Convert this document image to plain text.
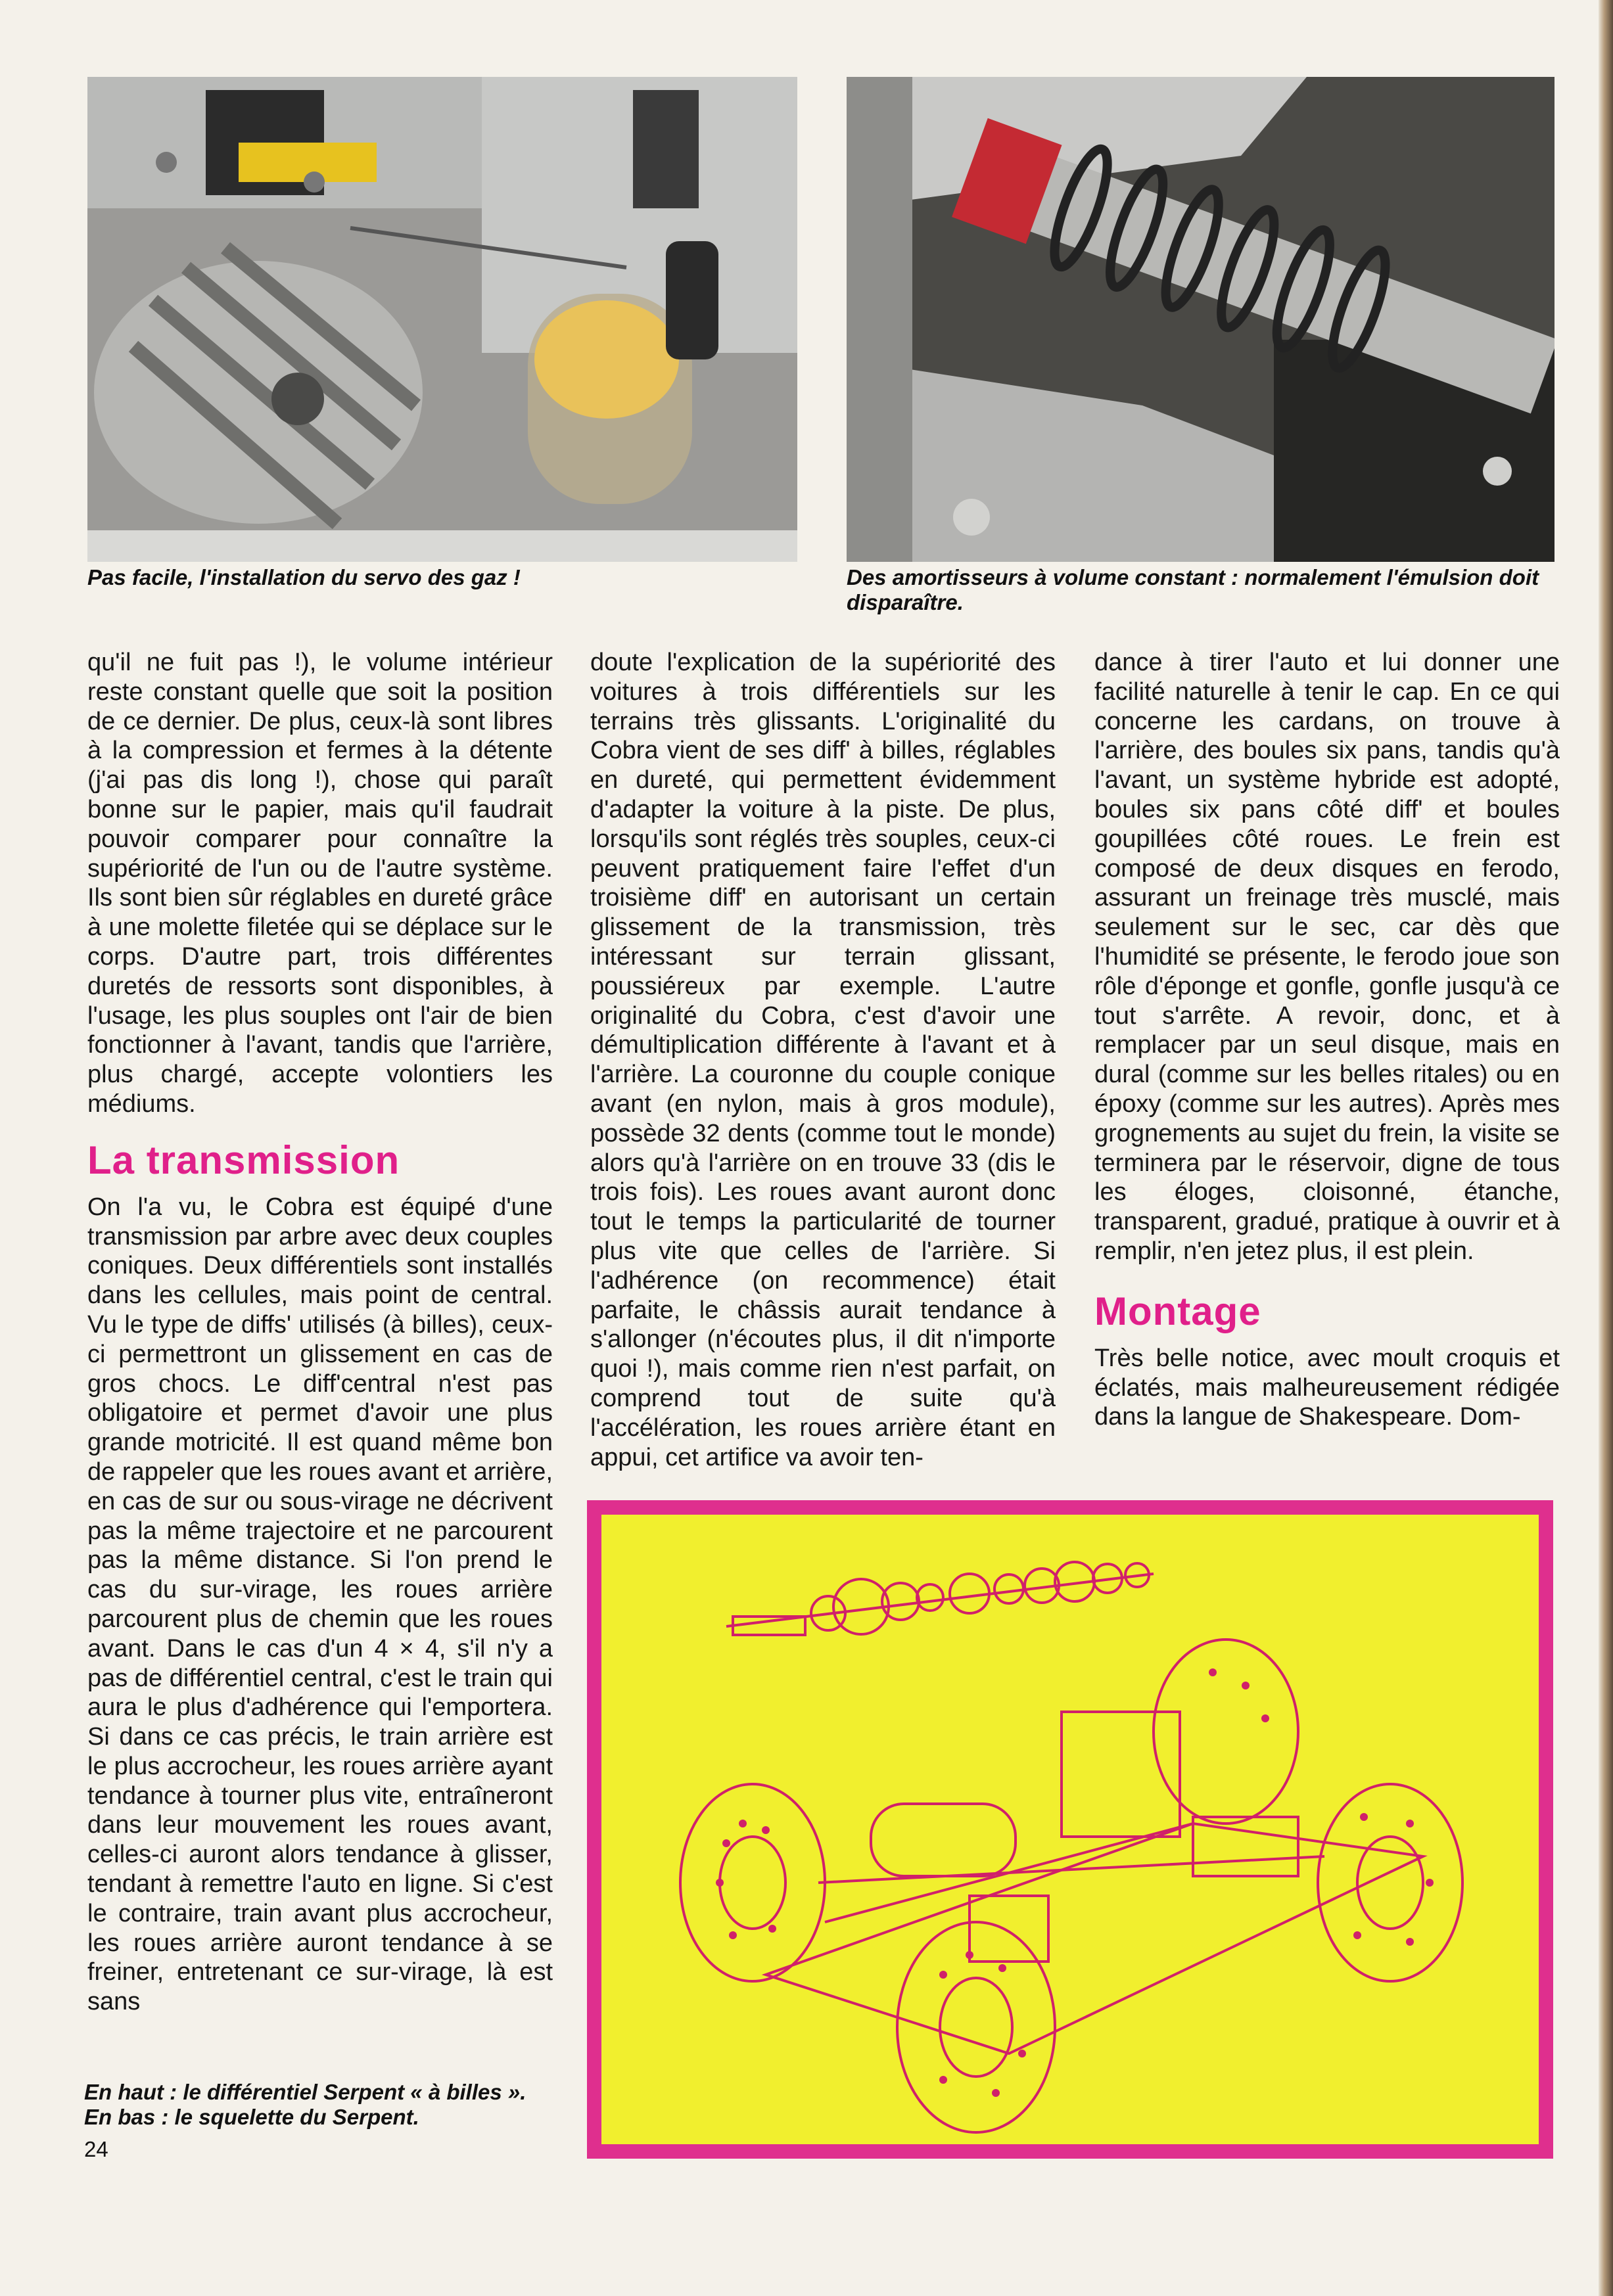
Pas facile, l'installation du servo des gaz !	Des amortisseurs à volume constant : normalement l'émulsion doit disparaître.

qu'il ne fuit pas !), le volume intérieur reste constant quelle que soit la position de ce dernier. De plus, ceux-là sont libres à la compression et fermes à la détente (j'ai pas dis long !), chose qui paraît bonne sur le papier, mais qu'il faudrait pouvoir comparer pour connaître la supériorité de l'un ou de l'autre système. Ils sont bien sûr réglables en dureté grâce à une molette filetée qui se déplace sur le corps. D'autre part, trois différentes duretés de ressorts sont disponibles, à l'usage, les plus souples ont l'air de bien fonctionner à l'avant, tandis que l'arrière, plus chargé, accepte volontiers les médiums.

La transmission

On l'a vu, le Cobra est équipé d'une transmission par arbre avec deux couples coniques. Deux différentiels sont installés dans les cellules, mais point de central. Vu le type de diffs' utilisés (à billes), ceux-ci permettront un glissement en cas de gros chocs. Le diff'central n'est pas obligatoire et permet d'avoir une plus grande motricité. Il est quand même bon de rappeler que les roues avant et arrière, en cas de sur ou sous-virage ne décrivent pas la même trajectoire et ne parcourent pas la même distance. Si l'on prend le cas du sur-virage, les roues arrière parcourent plus de chemin que les roues avant. Dans le cas d'un 4 × 4, s'il n'y a pas de différentiel central, c'est le train qui aura le plus d'adhérence qui l'emportera. Si dans ce cas précis, le train arrière est le plus accrocheur, les roues arrière ayant tendance à tourner plus vite, entraîneront dans leur mouvement les roues avant, celles-ci auront alors tendance à glisser, tendant à remettre l'auto en ligne. Si c'est le contraire, train avant plus accrocheur, les roues arrière auront tendance à se freiner, entretenant ce sur-virage, là est sans

doute l'explication de la supériorité des voitures à trois différentiels sur les terrains très glissants. L'originalité du Cobra vient de ses diff' à billes, réglables en dureté, qui permettent évidemment d'adapter la voiture à la piste. De plus, lorsqu'ils sont réglés très souples, ceux-ci peuvent pratiquement faire l'effet d'un troisième diff' en autorisant un certain glissement de la transmission, très intéressant sur terrain glissant, poussiéreux par exemple. L'autre originalité du Cobra, c'est d'avoir une démultiplication différente à l'avant et à l'arrière. La couronne du couple conique avant (en nylon, mais à gros module), possède 32 dents (comme tout le monde) alors qu'à l'arrière on en trouve 33 (dis le trois fois). Les roues avant auront donc tout le temps la particularité de tourner plus vite que celles de l'arrière. Si l'adhérence (on recommence) était parfaite, le châssis aurait tendance à s'allonger (n'écoutes plus, il dit n'importe quoi !), mais comme rien n'est parfait, on comprend tout de suite qu'à l'accélération, les roues arrière étant en appui, cet artifice va avoir ten-

dance à tirer l'auto et lui donner une facilité naturelle à tenir le cap. En ce qui concerne les cardans, on trouve à l'arrière, des boules six pans, tandis qu'à l'avant, un système hybride est adopté, boules six pans côté diff' et boules goupillées côté roues. Le frein est composé de deux disques en ferodo, assurant un freinage très musclé, mais seulement sur le sec, car dès que l'humidité se présente, le ferodo joue son rôle d'éponge et gonfle, gonfle jusqu'à ce tout s'arrête. A revoir, donc, et à remplacer par un seul disque, mais en dural (comme sur les belles ritales) ou en époxy (comme sur les autres). Après mes grognements au sujet du frein, la visite se terminera par le réservoir, digne de tous les éloges, cloisonné, étanche, transparent, gradué, pratique à ouvrir et à remplir, n'en jetez plus, il est plein.

Montage

Très belle notice, avec moult croquis et éclatés, mais malheureusement rédigée dans la langue de Shakespeare. Dom-

En haut : le différentiel Serpent « à billes ».
En bas : le squelette du Serpent.
24
